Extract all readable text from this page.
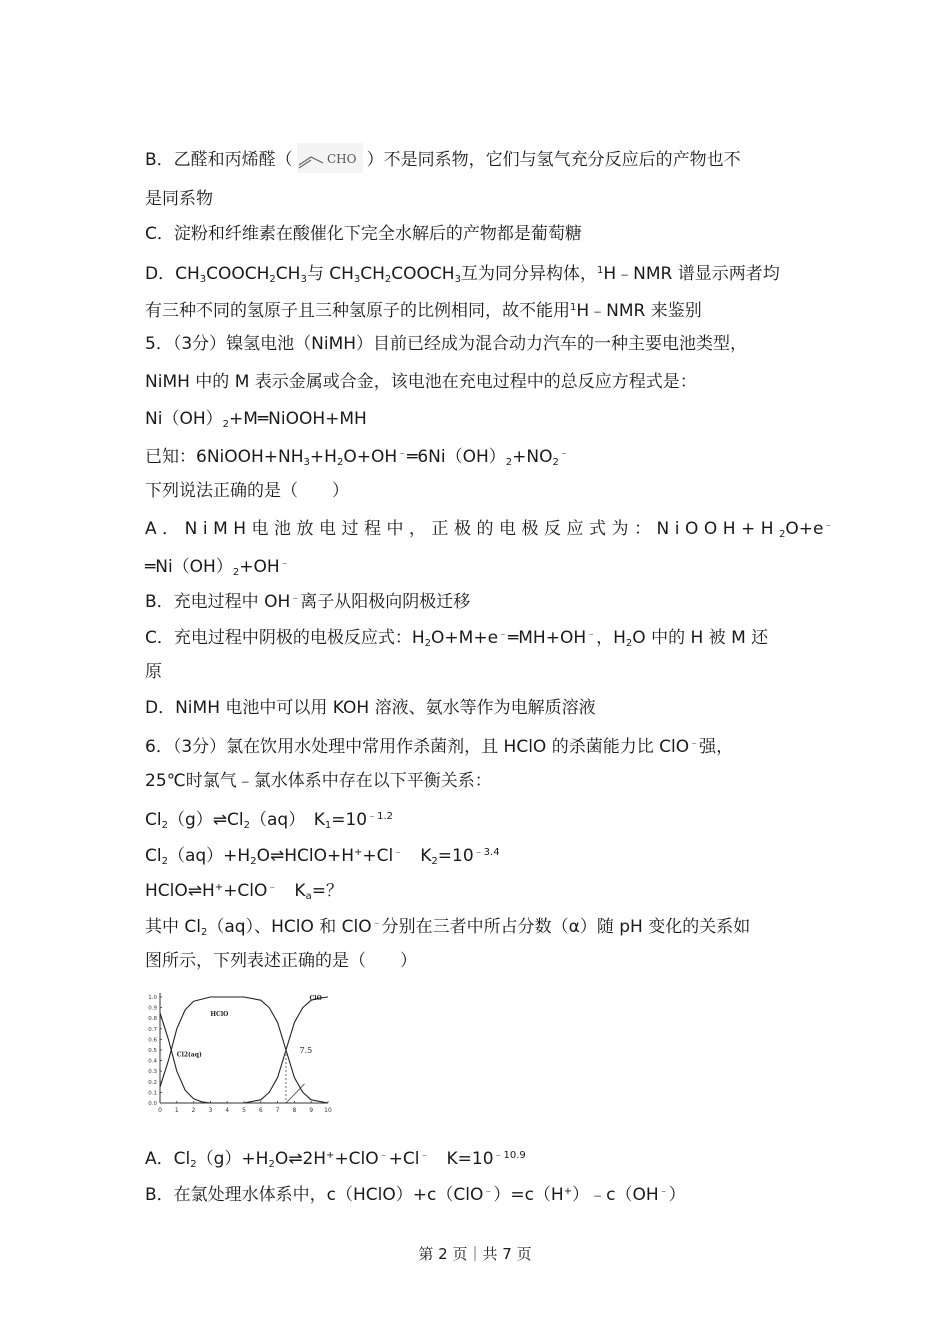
B．乙醛和丙烯醛（	CHO ）不是同系物，它们与氢气充分反应后的产物也不
是同系物
C．淀粉和纤维素在酸催化下完全水解后的产物都是葡萄糖
D．$CH_3COOCH_2CH_3$与 $CH_3CH_2COOCH_3$互为同分异构体，$^1$H﹣NMR 谱显示两者均
有三种不同的氢原子且三种氢原子的比例相同，故不能用$^1$H﹣NMR 来鉴别
5．（3分）镍氢电池（NiMH）目前已经成为混合动力汽车的一种主要电池类型，
NiMH 中的 M 表示金属或合金，该电池在充电过程中的总反应方程式是：
$Ni(OH)_2+M═NiOOH+MH$
已知：$6NiOOH+NH_3+H_2O+OH^﹣═6Ni(OH)_2+NO_2^﹣$
下列说法正确的是（　　）
A．NiMH电池放电过程中，正极的电极反应式为：$NiOOH+H_2O+e^﹣$
$═Ni(OH)_2+OH^﹣$
B．充电过程中 OH﹣离子从阳极向阴极迁移
C．充电过程中阴极的电极反应式：$H_2O+M+e^﹣═MH+OH^﹣$，$H_2O$ 中的 H 被 M 还
原
D．NiMH 电池中可以用 KOH 溶液、氨水等作为电解质溶液
6．（3分）氯在饮用水处理中常用作杀菌剂，且 HClO 的杀菌能力比 ClO﹣强，
25℃时氯气﹣氯水体系中存在以下平衡关系：
$Cl_2(g)\rightleftharpoons Cl_2(aq)$　$K_1=10^{﹣1.2}$
$Cl_2(aq)+H_2O\rightleftharpoons HClO+H^++Cl^﹣$　$K_2=10^{﹣3.4}$
HClO⇌H++ClO﹣　$K_a=$？
其中 $Cl_2(aq)$、HClO 和 ClO﹣分别在三者中所占分数（α）随 pH 变化的关系如
图所示，下列表述正确的是（　　）
0 1 2 3 4 5 6 7 8 9 10
0.0
0.1
0.2
0.3
0.4
0.5
0.6
0.7
0.8
0.9
1.0
7.5
HClO
ClO
Cl2(aq)
A．$Cl_2(g)+H_2O\rightleftharpoons 2H^++ClO^﹣+Cl^﹣$　$K=10^{﹣10.9}$
B．在氯处理水体系中，c（HClO）+c（ClO﹣）=c（H+）﹣c（OH﹣）
第 2 页｜共 7 页
